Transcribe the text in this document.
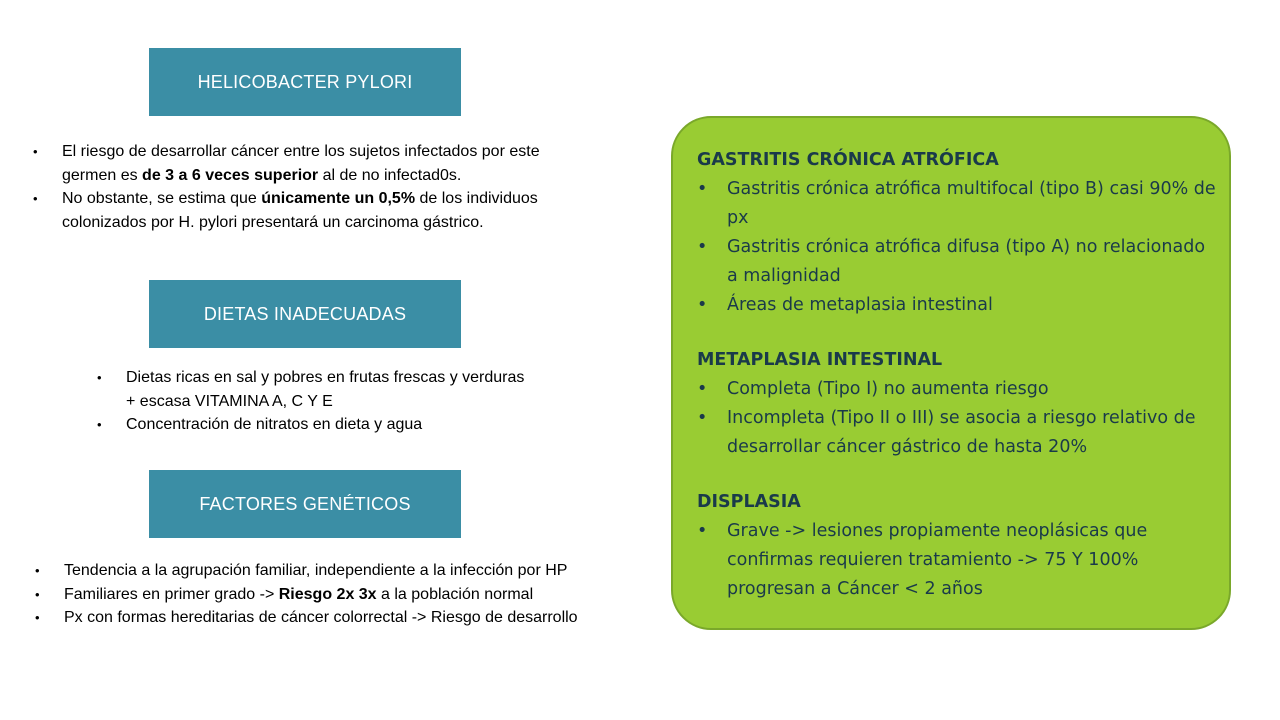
HELICOBACTER PYLORI
• El riesgo de desarrollar cáncer entre los sujetos infectados por este germen es de 3 a 6 veces superior al de no infectad0s.
• No obstante, se estima que únicamente un 0,5% de los individuos colonizados por H. pylori presentará un carcinoma gástrico.
DIETAS INADECUADAS
• Dietas ricas en sal y pobres en frutas frescas y verduras + escasa VITAMINA A, C Y E
• Concentración de nitratos en dieta y agua
FACTORES GENÉTICOS
• Tendencia a la agrupación familiar, independiente a la infección por HP
• Familiares en primer grado -> Riesgo 2x 3x a la población normal
• Px con formas hereditarias de cáncer colorrectal -> Riesgo de desarrollo
GASTRITIS CRÓNICA ATRÓFICA
• Gastritis crónica atrófica multifocal (tipo B) casi 90% de px
• Gastritis crónica atrófica difusa (tipo A) no relacionado a malignidad
• Áreas de metaplasia intestinal
METAPLASIA INTESTINAL
• Completa (Tipo I) no aumenta riesgo
• Incompleta (Tipo II o III) se asocia a riesgo relativo de desarrollar cáncer gástrico de hasta 20%
DISPLASIA
• Grave -> lesiones propiamente neoplásicas que confirmas requieren tratamiento -> 75 Y 100% progresan a Cáncer < 2 años
